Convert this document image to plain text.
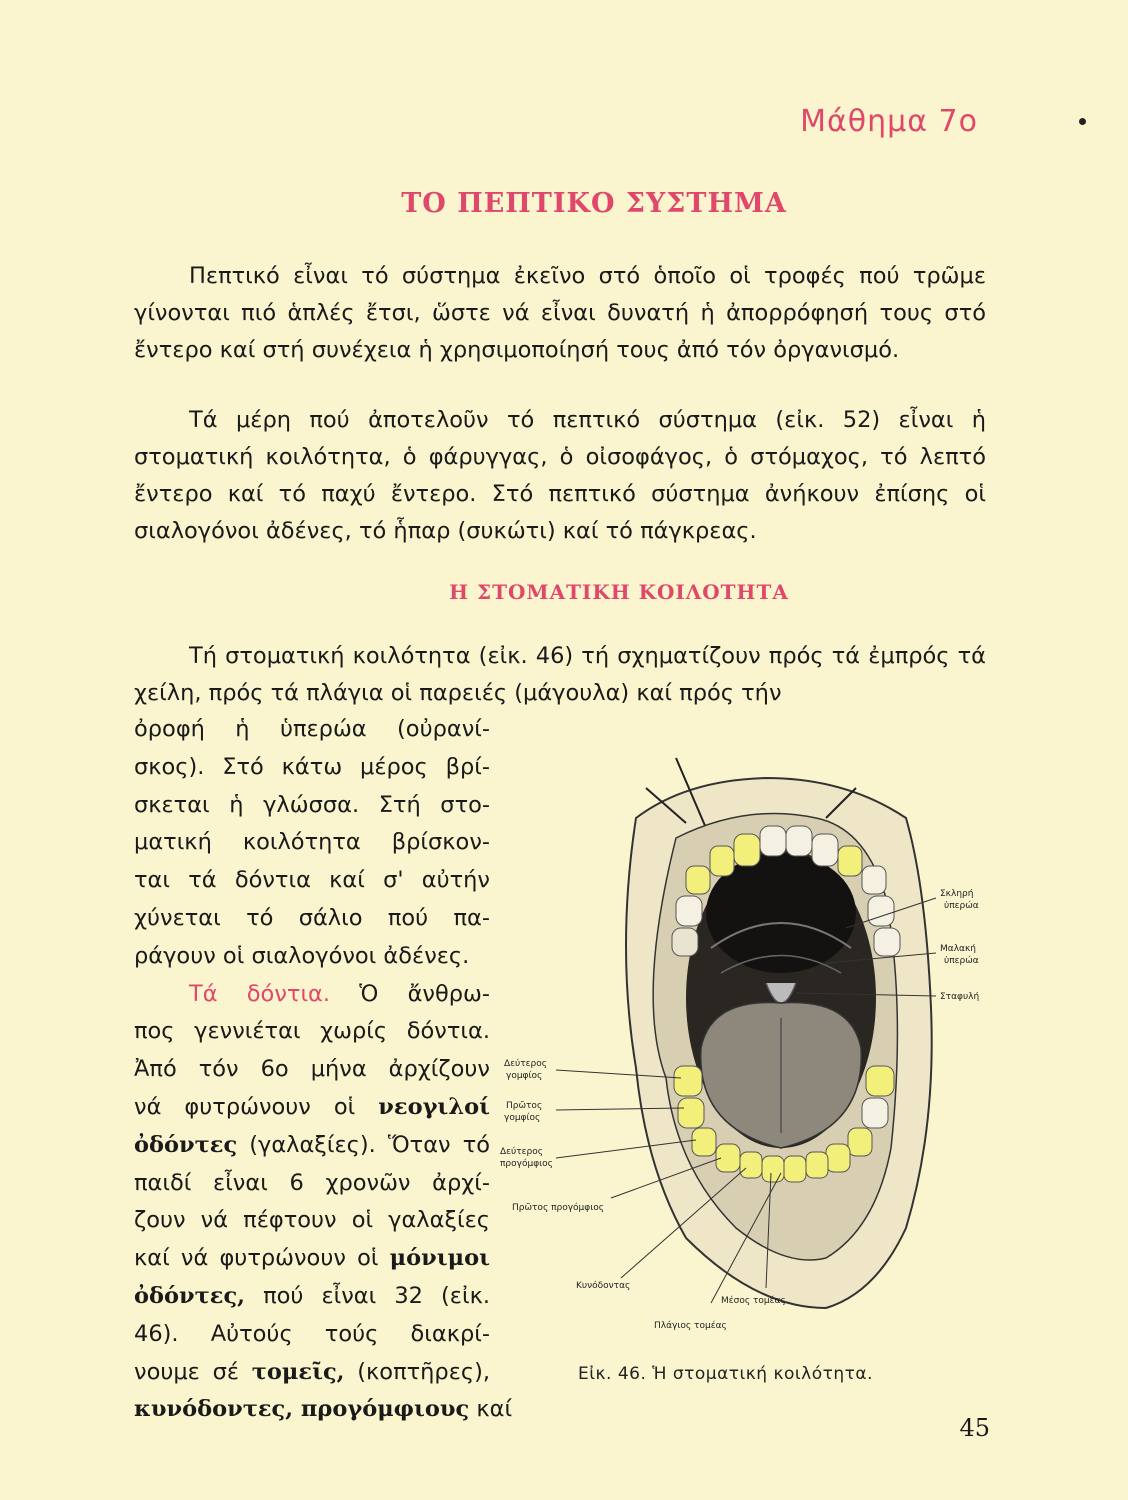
Μάθημα 7ο
ΤΟ ΠΕΠΤΙΚΟ ΣΥΣΤΗΜΑ

Πεπτικό εἶναι τό σύστημα ἐκεῖνο στό ὁποῖο οἱ τροφές πού τρῶμε γίνονται πιό ἁπλές ἔτσι, ὥστε νά εἶναι δυνατή ἡ ἀπορρόφησή τους στό ἔντερο καί στή συνέχεια ἡ χρησιμοποίησή τους ἀπό τόν ὀργανισμό.

Τά μέρη πού ἀποτελοῦν τό πεπτικό σύστημα (εἰκ. 52) εἶναι ἡ στοματική κοιλότητα, ὁ φάρυγγας, ὁ οἰσοφάγος, ὁ στόμαχος, τό λεπτό ἔντερο καί τό παχύ ἔντερο. Στό πεπτικό σύστημα ἀνήκουν ἐπίσης οἱ σιαλογόνοι ἀδένες, τό ἧπαρ (συκώτι) καί τό πάγκρεας.

Η ΣΤΟΜΑΤΙΚΗ ΚΟΙΛΟΤΗΤΑ

Τή στοματική κοιλότητα (εἰκ. 46) τή σχηματίζουν πρός τά ἐμπρός τά χείλη, πρός τά πλάγια οἱ παρειές (μάγουλα) καί πρός τήν

ὀροφή ἡ ὑπερώα (οὐρανί-
σκος). Στό κάτω μέρος βρί-
σκεται ἡ γλώσσα. Στή στο-
ματική κοιλότητα βρίσκον-
ται τά δόντια καί σ' αὐτήν
χύνεται τό σάλιο πού πα-
ράγουν οἱ σιαλογόνοι ἀδένες.
Τά δόντια. Ὁ ἄνθρω-
πος γεννιέται χωρίς δόντια.
Ἀπό τόν 6ο μήνα ἀρχίζουν
νά φυτρώνουν οἱ νεογιλοί
ὀδόντες (γαλαξίες). Ὅταν τό
παιδί εἶναι 6 χρονῶν ἀρχί-
ζουν νά πέφτουν οἱ γαλαξίες
καί νά φυτρώνουν οἱ μόνιμοι
ὀδόντες, πού εἶναι 32 (εἰκ.
46). Αὐτούς τούς διακρί-
νουμε σέ τομεῖς, (κοπτῆρες),
κυνόδοντες, προγόμφιους καί
Σκληρή
ὑπερώα
Μαλακή
ὑπερώα
Σταφυλή
Δεύτερος
γομφίος
Πρῶτος
γομφίος
Δεύτερος
προγόμφιος
Πρῶτος προγόμφιος
Κυνόδοντας
Μέσος τομέας
Πλάγιος τομέας
Εἰκ. 46. Ἡ στοματική κοιλότητα.
45
